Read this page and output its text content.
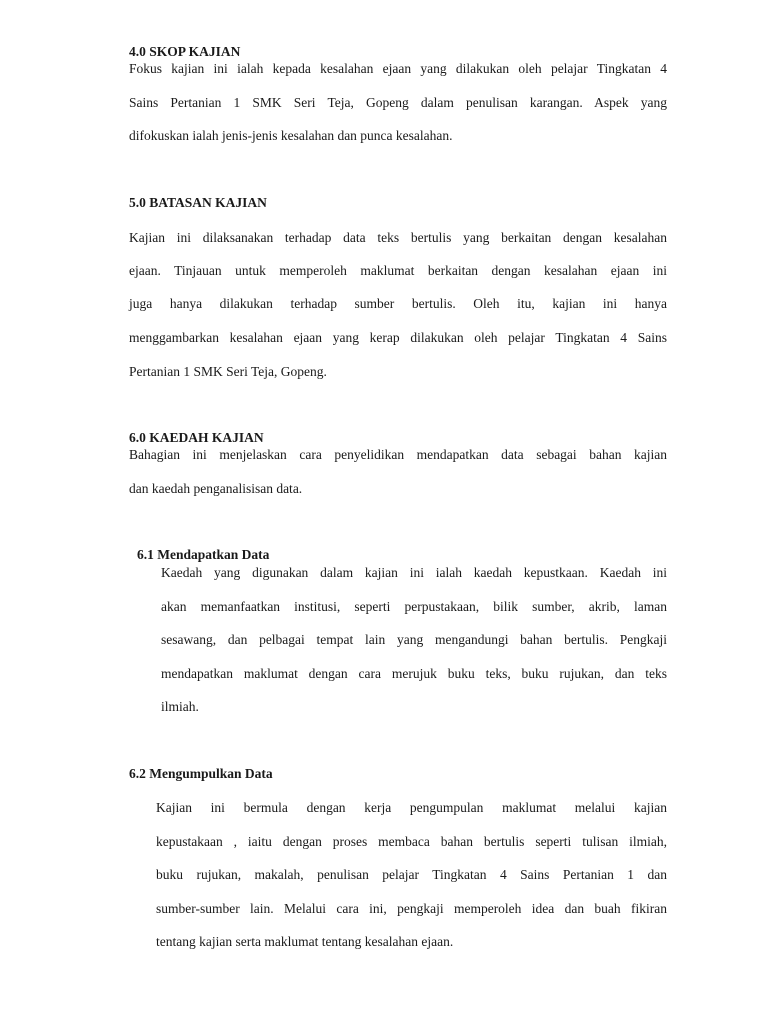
4.0 SKOP KAJIAN
Fokus kajian ini ialah kepada kesalahan ejaan yang dilakukan oleh pelajar Tingkatan 4
Sains Pertanian 1 SMK Seri Teja, Gopeng dalam penulisan karangan. Aspek yang
difokuskan ialah jenis-jenis kesalahan dan punca kesalahan.
5.0 BATASAN KAJIAN
Kajian ini dilaksanakan terhadap data teks bertulis yang berkaitan dengan kesalahan
ejaan. Tinjauan untuk memperoleh maklumat berkaitan dengan kesalahan ejaan ini
juga hanya dilakukan terhadap sumber bertulis. Oleh itu, kajian ini hanya
menggambarkan kesalahan ejaan yang kerap dilakukan oleh pelajar Tingkatan 4 Sains
Pertanian 1 SMK Seri Teja, Gopeng.
6.0 KAEDAH KAJIAN
Bahagian ini menjelaskan cara penyelidikan mendapatkan data sebagai bahan kajian
dan kaedah penganalisisan data.
6.1 Mendapatkan Data
Kaedah yang digunakan dalam kajian ini ialah kaedah kepustkaan. Kaedah ini
akan memanfaatkan institusi, seperti perpustakaan, bilik sumber, akrib, laman
sesawang, dan pelbagai tempat lain yang mengandungi bahan bertulis. Pengkaji
mendapatkan maklumat dengan cara merujuk buku teks, buku rujukan, dan teks
ilmiah.
6.2 Mengumpulkan Data
Kajian ini bermula dengan kerja pengumpulan maklumat melalui kajian
kepustakaan , iaitu dengan proses membaca bahan bertulis seperti tulisan ilmiah,
buku rujukan, makalah, penulisan pelajar Tingkatan 4 Sains Pertanian 1 dan
sumber-sumber lain. Melalui cara ini, pengkaji memperoleh idea dan buah fikiran
tentang kajian serta maklumat tentang kesalahan ejaan.
